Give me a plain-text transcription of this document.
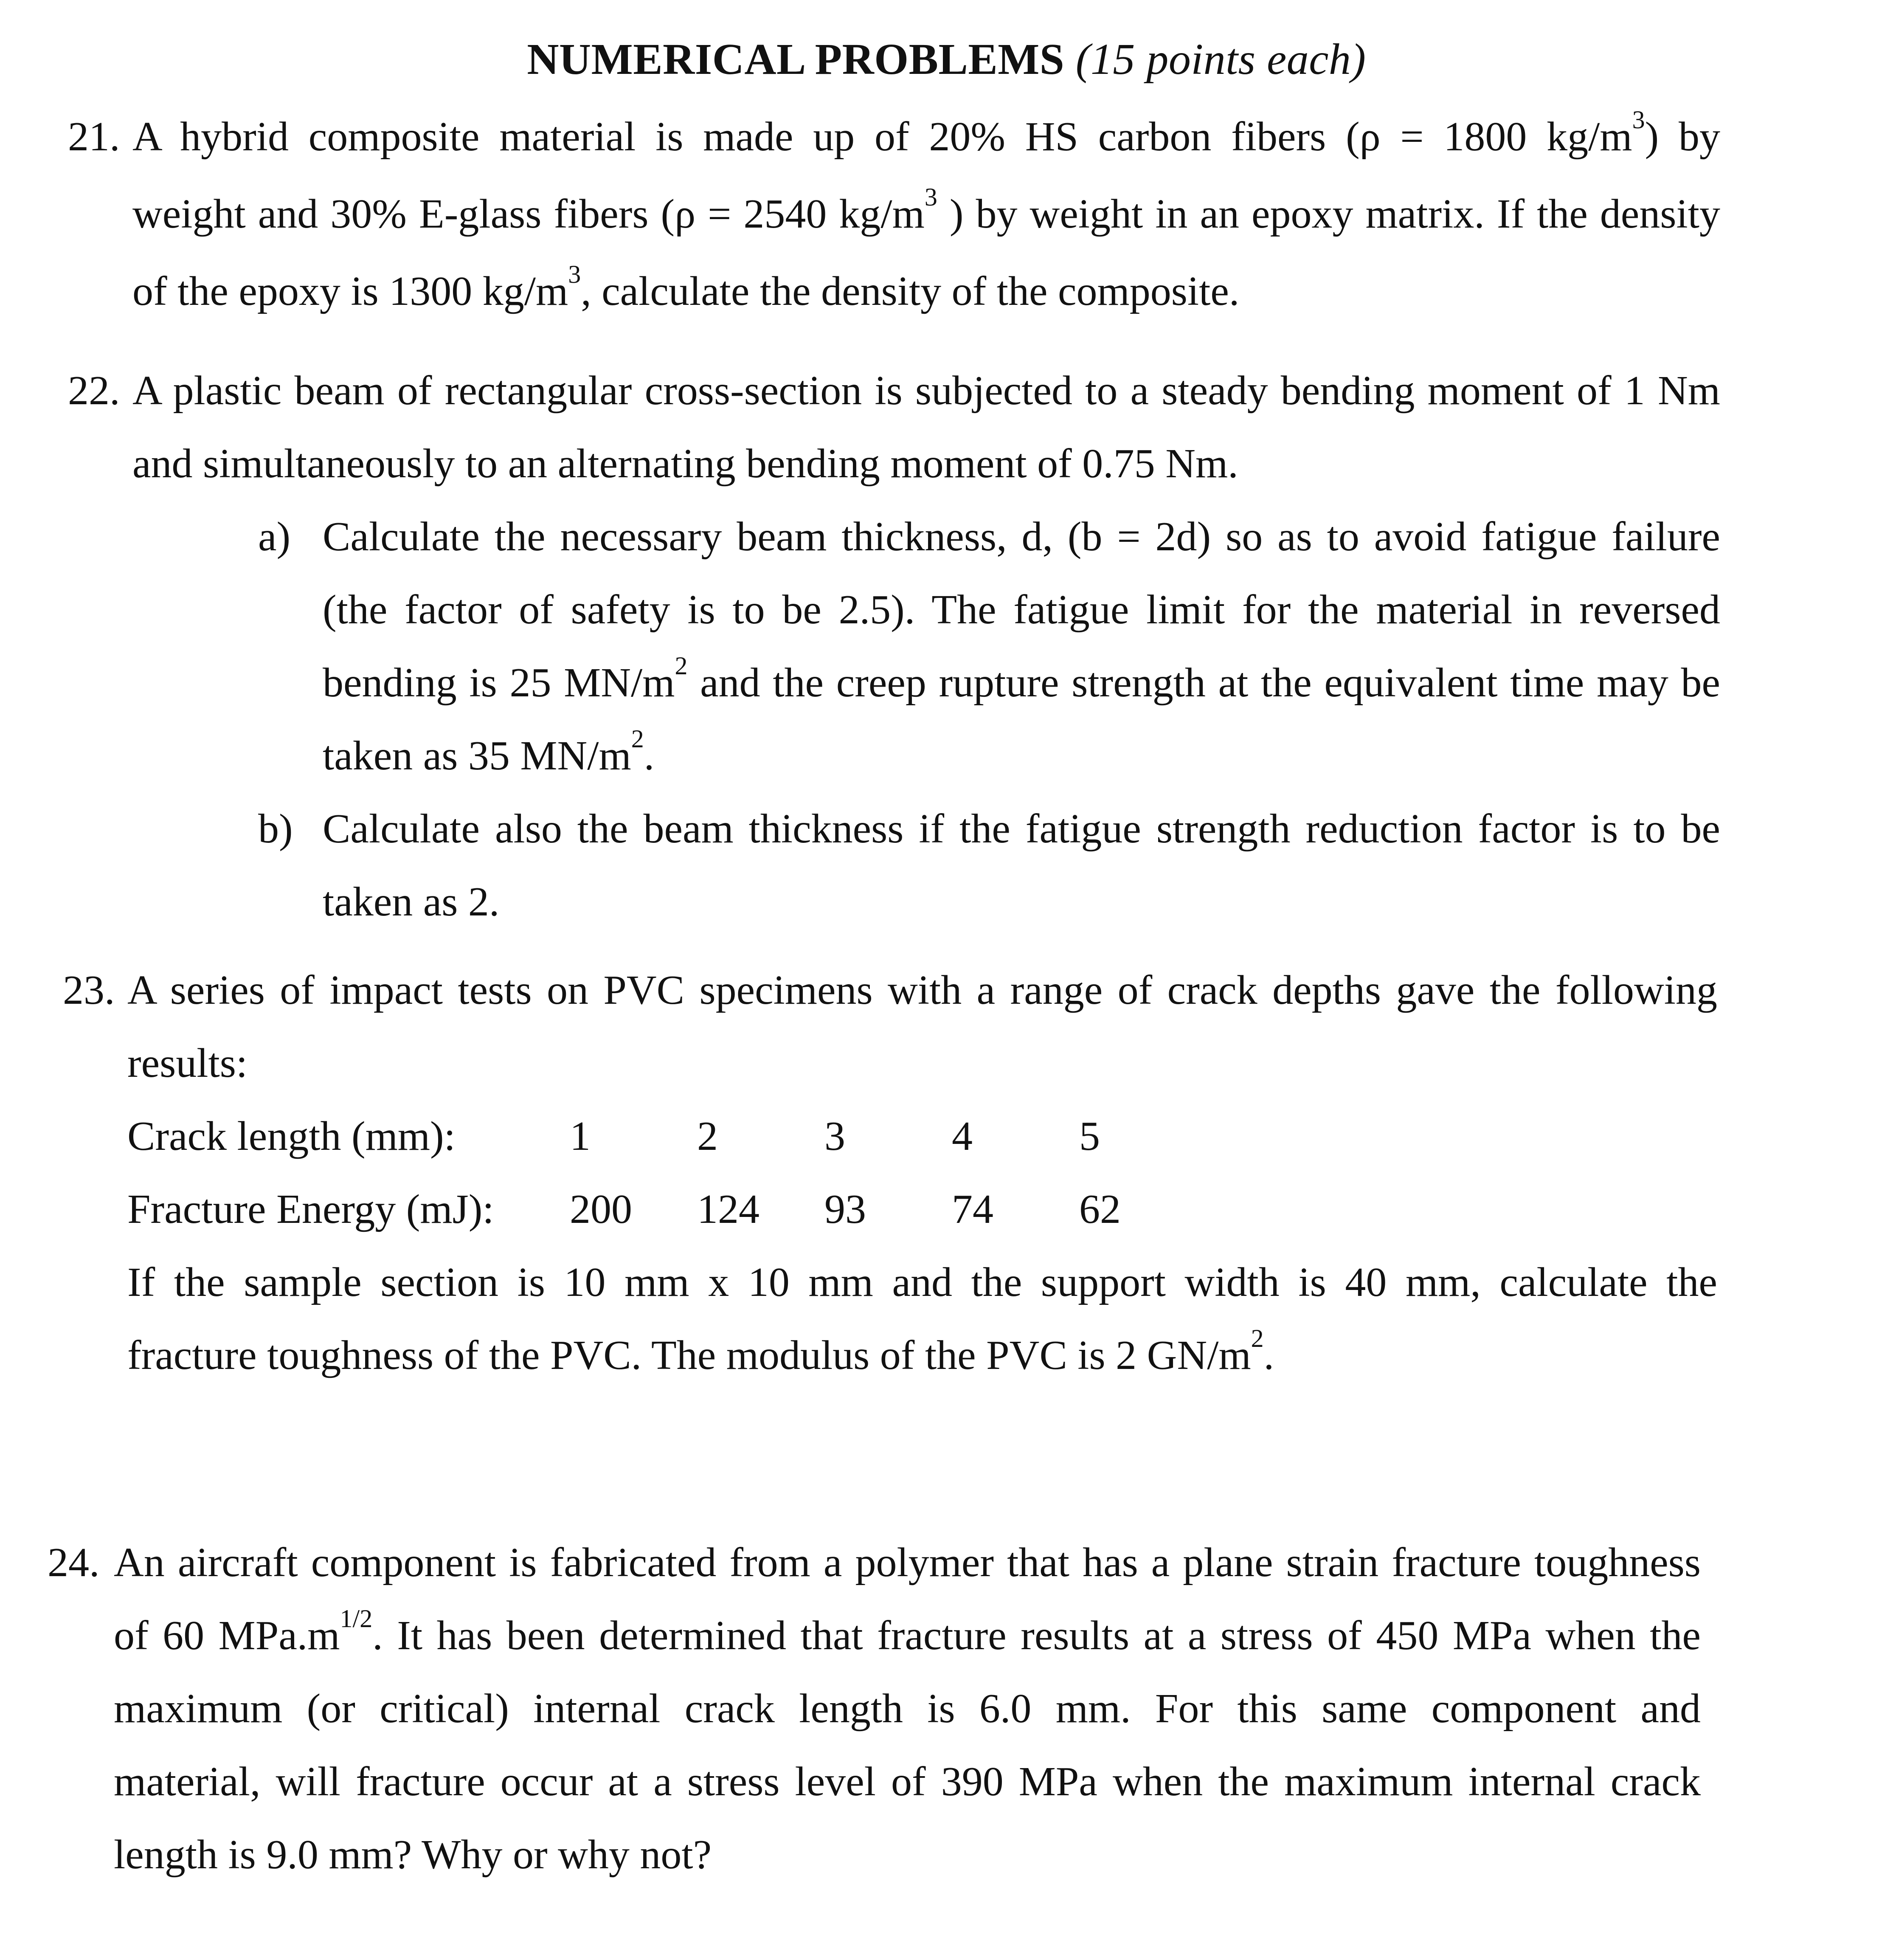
NUMERICAL PROBLEMS (15 points each)
21. A hybrid composite material is made up of 20% HS carbon fibers (ρ = 1800 $kg/m^3$) by
weight and 30% E-glass fibers (ρ = 2540 $kg/m^3$ ) by weight in an epoxy matrix. If the density
of the epoxy is 1300 $kg/m^3$, calculate the density of the composite.
22. A plastic beam of rectangular cross-section is subjected to a steady bending moment of 1 Nm
and simultaneously to an alternating bending moment of 0.75 Nm.
a) Calculate the necessary beam thickness, d, (b = 2d) so as to avoid fatigue failure
(the factor of safety is to be 2.5). The fatigue limit for the material in reversed
bending is 25 $MN/m^2$ and the creep rupture strength at the equivalent time may be
taken as 35 $MN/m^2$.
b) Calculate also the beam thickness if the fatigue strength reduction factor is to be
taken as 2.
23. A series of impact tests on PVC specimens with a range of crack depths gave the following
results:
Crack length (mm):	1	2	3	4	5
Fracture Energy (mJ): 200 124 93 74 62
If the sample section is 10 mm x 10 mm and the support width is 40 mm, calculate the
fracture toughness of the PVC. The modulus of the PVC is 2 $GN/m^2$.
24. An aircraft component is fabricated from a polymer that has a plane strain fracture toughness
of 60 $MPa.m^{1/2}$. It has been determined that fracture results at a stress of 450 MPa when the
maximum (or critical) internal crack length is 6.0 mm. For this same component and
material, will fracture occur at a stress level of 390 MPa when the maximum internal crack
length is 9.0 mm? Why or why not?
